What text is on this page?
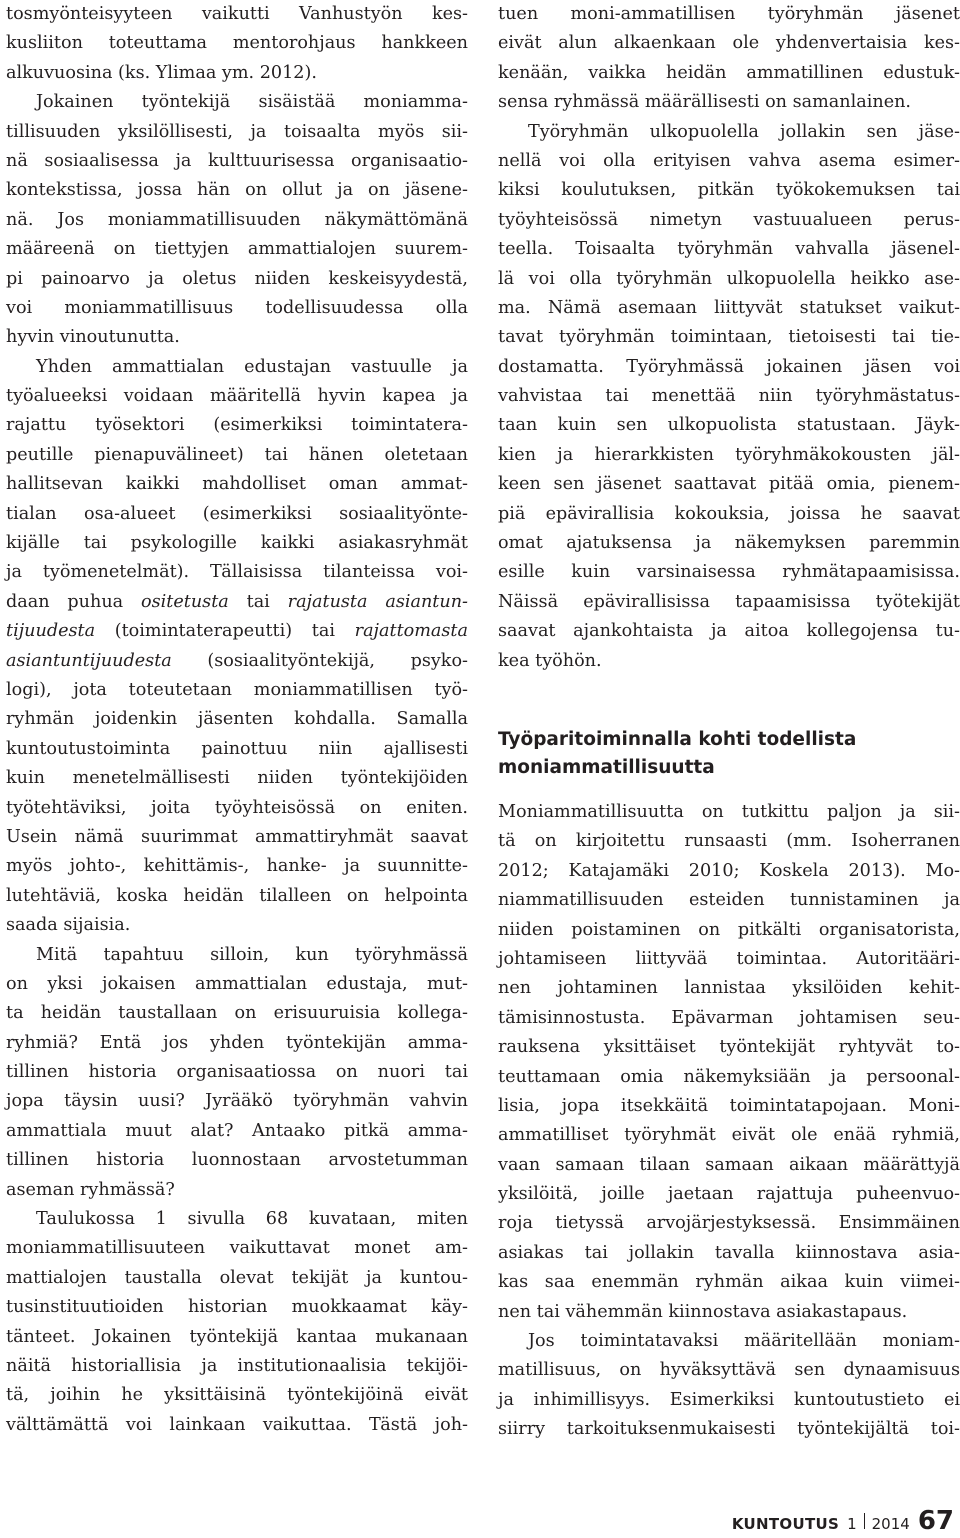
tosmyönteisyyteen vaikutti Vanhustyön kes-
kusliiton toteuttama mentorohjaus hankkeen
alkuvuosina (ks. Ylimaa ym. 2012).
Jokainen työntekijä sisäistää moniamma-
tillisuuden yksilöllisesti, ja toisaalta myös sii-
nä sosiaalisessa ja kulttuurisessa organisaatio-
kontekstissa, jossa hän on ollut ja on jäsene-
nä. Jos moniammatillisuuden näkymättömänä
määreenä on tiettyjen ammattialojen suurem-
pi painoarvo ja oletus niiden keskeisyydestä,
voi moniammatillisuus todellisuudessa olla
hyvin vinoutunutta.
Yhden ammattialan edustajan vastuulle ja
työalueeksi voidaan määritellä hyvin kapea ja
rajattu työsektori (esimerkiksi toimintatera-
peutille pienapuvälineet) tai hänen oletetaan
hallitsevan kaikki mahdolliset oman ammat-
tialan osa-alueet (esimerkiksi sosiaalityönte-
kijälle tai psykologille kaikki asiakasryhmät
ja työmenetelmät). Tällaisissa tilanteissa voi-
daan puhua ositetusta tai rajatusta asiantun-
tijuudesta (toimintaterapeutti) tai rajattomasta
asiantuntijuudesta (sosiaalityöntekijä, psyko-
logi), jota toteutetaan moniammatillisen työ-
ryhmän joidenkin jäsenten kohdalla. Samalla
kuntoutustoiminta painottuu niin ajallisesti
kuin menetelmällisesti niiden työntekijöiden
työtehtäviksi, joita työyhteisössä on eniten.
Usein nämä suurimmat ammattiryhmät saavat
myös johto-, kehittämis-, hanke- ja suunnitte-
lutehtäviä, koska heidän tilalleen on helpointa
saada sijaisia.
Mitä tapahtuu silloin, kun työryhmässä
on yksi jokaisen ammattialan edustaja, mut-
ta heidän taustallaan on erisuuruisia kollega-
ryhmiä? Entä jos yhden työntekijän amma-
tillinen historia organisaatiossa on nuori tai
jopa täysin uusi? Jyrääkö työryhmän vahvin
ammattiala muut alat? Antaako pitkä amma-
tillinen historia luonnostaan arvostetumman
aseman ryhmässä?
Taulukossa 1 sivulla 68 kuvataan, miten
moniammatillisuuteen vaikuttavat monet am-
mattialojen taustalla olevat tekijät ja kuntou-
tusinstituutioiden historian muokkaamat käy-
tänteet. Jokainen työntekijä kantaa mukanaan
näitä historiallisia ja institutionaalisia tekijöi-
tä, joihin he yksittäisinä työntekijöinä eivät
välttämättä voi lainkaan vaikuttaa. Tästä joh-
tuen moni-ammatillisen työryhmän jäsenet
eivät alun alkaenkaan ole yhdenvertaisia kes-
kenään, vaikka heidän ammatillinen edustuk-
sensa ryhmässä määrällisesti on samanlainen.
Työryhmän ulkopuolella jollakin sen jäse-
nellä voi olla erityisen vahva asema esimer-
kiksi koulutuksen, pitkän työkokemuksen tai
työyhteisössä nimetyn vastuualueen perus-
teella. Toisaalta työryhmän vahvalla jäsenel-
lä voi olla työryhmän ulkopuolella heikko ase-
ma. Nämä asemaan liittyvät statukset vaikut-
tavat työryhmän toimintaan, tietoisesti tai tie-
dostamatta. Työryhmässä jokainen jäsen voi
vahvistaa tai menettää niin työryhmästatus-
taan kuin sen ulkopuolista statustaan. Jäyk-
kien ja hierarkkisten työryhmäkokousten jäl-
keen sen jäsenet saattavat pitää omia, pienem-
piä epävirallisia kokouksia, joissa he saavat
omat ajatuksensa ja näkemyksen paremmin
esille kuin varsinaisessa ryhmätapaamisissa.
Näissä epävirallisissa tapaamisissa työtekijät
saavat ajankohtaista ja aitoa kollegojensa tu-
kea työhön.
Työparitoiminnalla kohti todellista
moniammatillisuutta
Moniammatillisuutta on tutkittu paljon ja sii-
tä on kirjoitettu runsaasti (mm. Isoherranen
2012; Katajamäki 2010; Koskela 2013). Mo-
niammatillisuuden esteiden tunnistaminen ja
niiden poistaminen on pitkälti organisatorista,
johtamiseen liittyvää toimintaa. Autoritääri-
nen johtaminen lannistaa yksilöiden kehit-
tämisinnostusta. Epävarman johtamisen seu-
rauksena yksittäiset työntekijät ryhtyvät to-
teuttamaan omia näkemyksiään ja persoonal-
lisia, jopa itsekkäitä toimintatapojaan. Moni-
ammatilliset työryhmät eivät ole enää ryhmiä,
vaan samaan tilaan samaan aikaan määrättyjä
yksilöitä, joille jaetaan rajattuja puheenvuo-
roja tietyssä arvojärjestyksessä. Ensimmäinen
asiakas tai jollakin tavalla kiinnostava asia-
kas saa enemmän ryhmän aikaa kuin viimei-
nen tai vähemmän kiinnostava asiakastapaus.
Jos toimintatavaksi määritellään moniam-
matillisuus, on hyväksyttävä sen dynaamisuus
ja inhimillisyys. Esimerkiksi kuntoutustieto ei
siirry tarkoituksenmukaisesti työntekijältä toi-
KUNTOUTUS 1 2014 67
